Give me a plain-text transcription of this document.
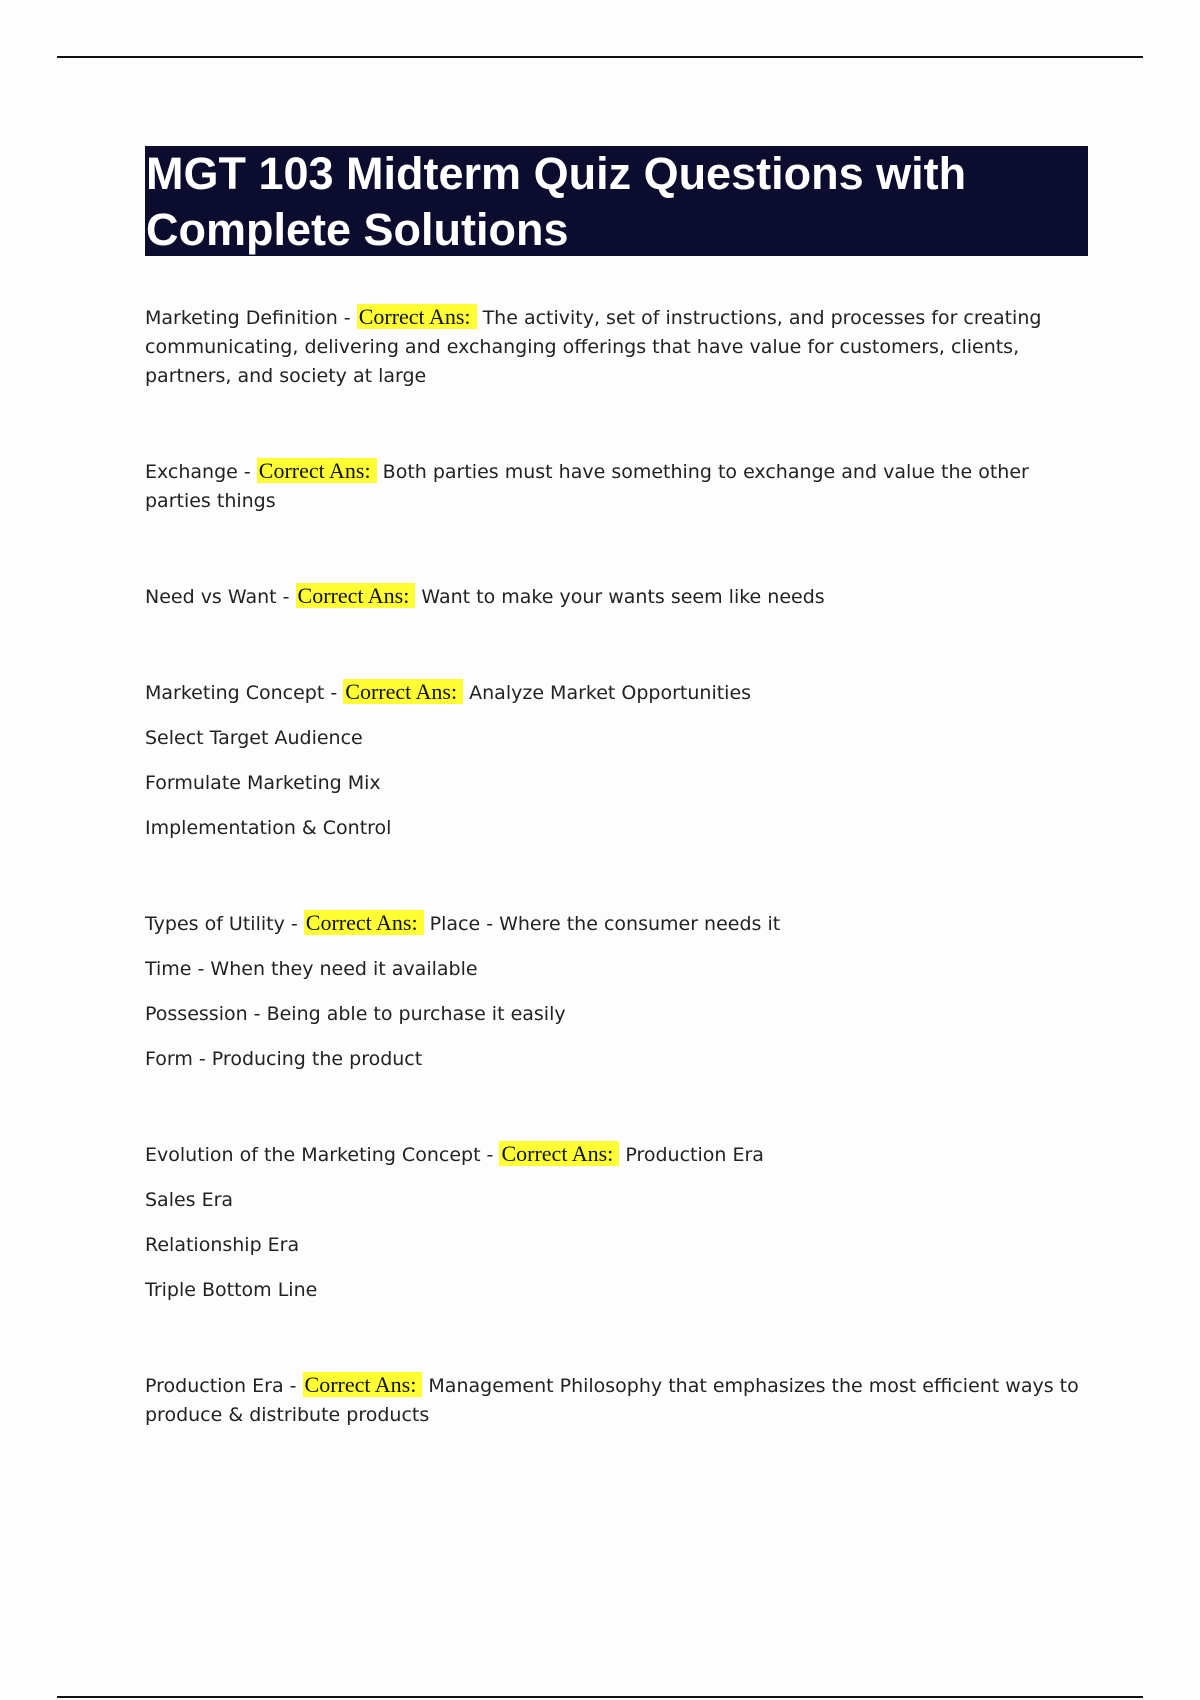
MGT 103 Midterm Quiz Questions with Complete Solutions

Marketing Definition - Correct Ans: The activity, set of instructions, and processes for creating communicating, delivering and exchanging offerings that have value for customers, clients, partners, and society at large

Exchange - Correct Ans: Both parties must have something to exchange and value the other parties things

Need vs Want - Correct Ans: Want to make your wants seem like needs

Marketing Concept - Correct Ans: Analyze Market Opportunities

Select Target Audience

Formulate Marketing Mix

Implementation & Control

Types of Utility - Correct Ans: Place - Where the consumer needs it

Time - When they need it available

Possession - Being able to purchase it easily

Form - Producing the product

Evolution of the Marketing Concept - Correct Ans: Production Era

Sales Era

Relationship Era

Triple Bottom Line

Production Era - Correct Ans: Management Philosophy that emphasizes the most efficient ways to produce & distribute products
